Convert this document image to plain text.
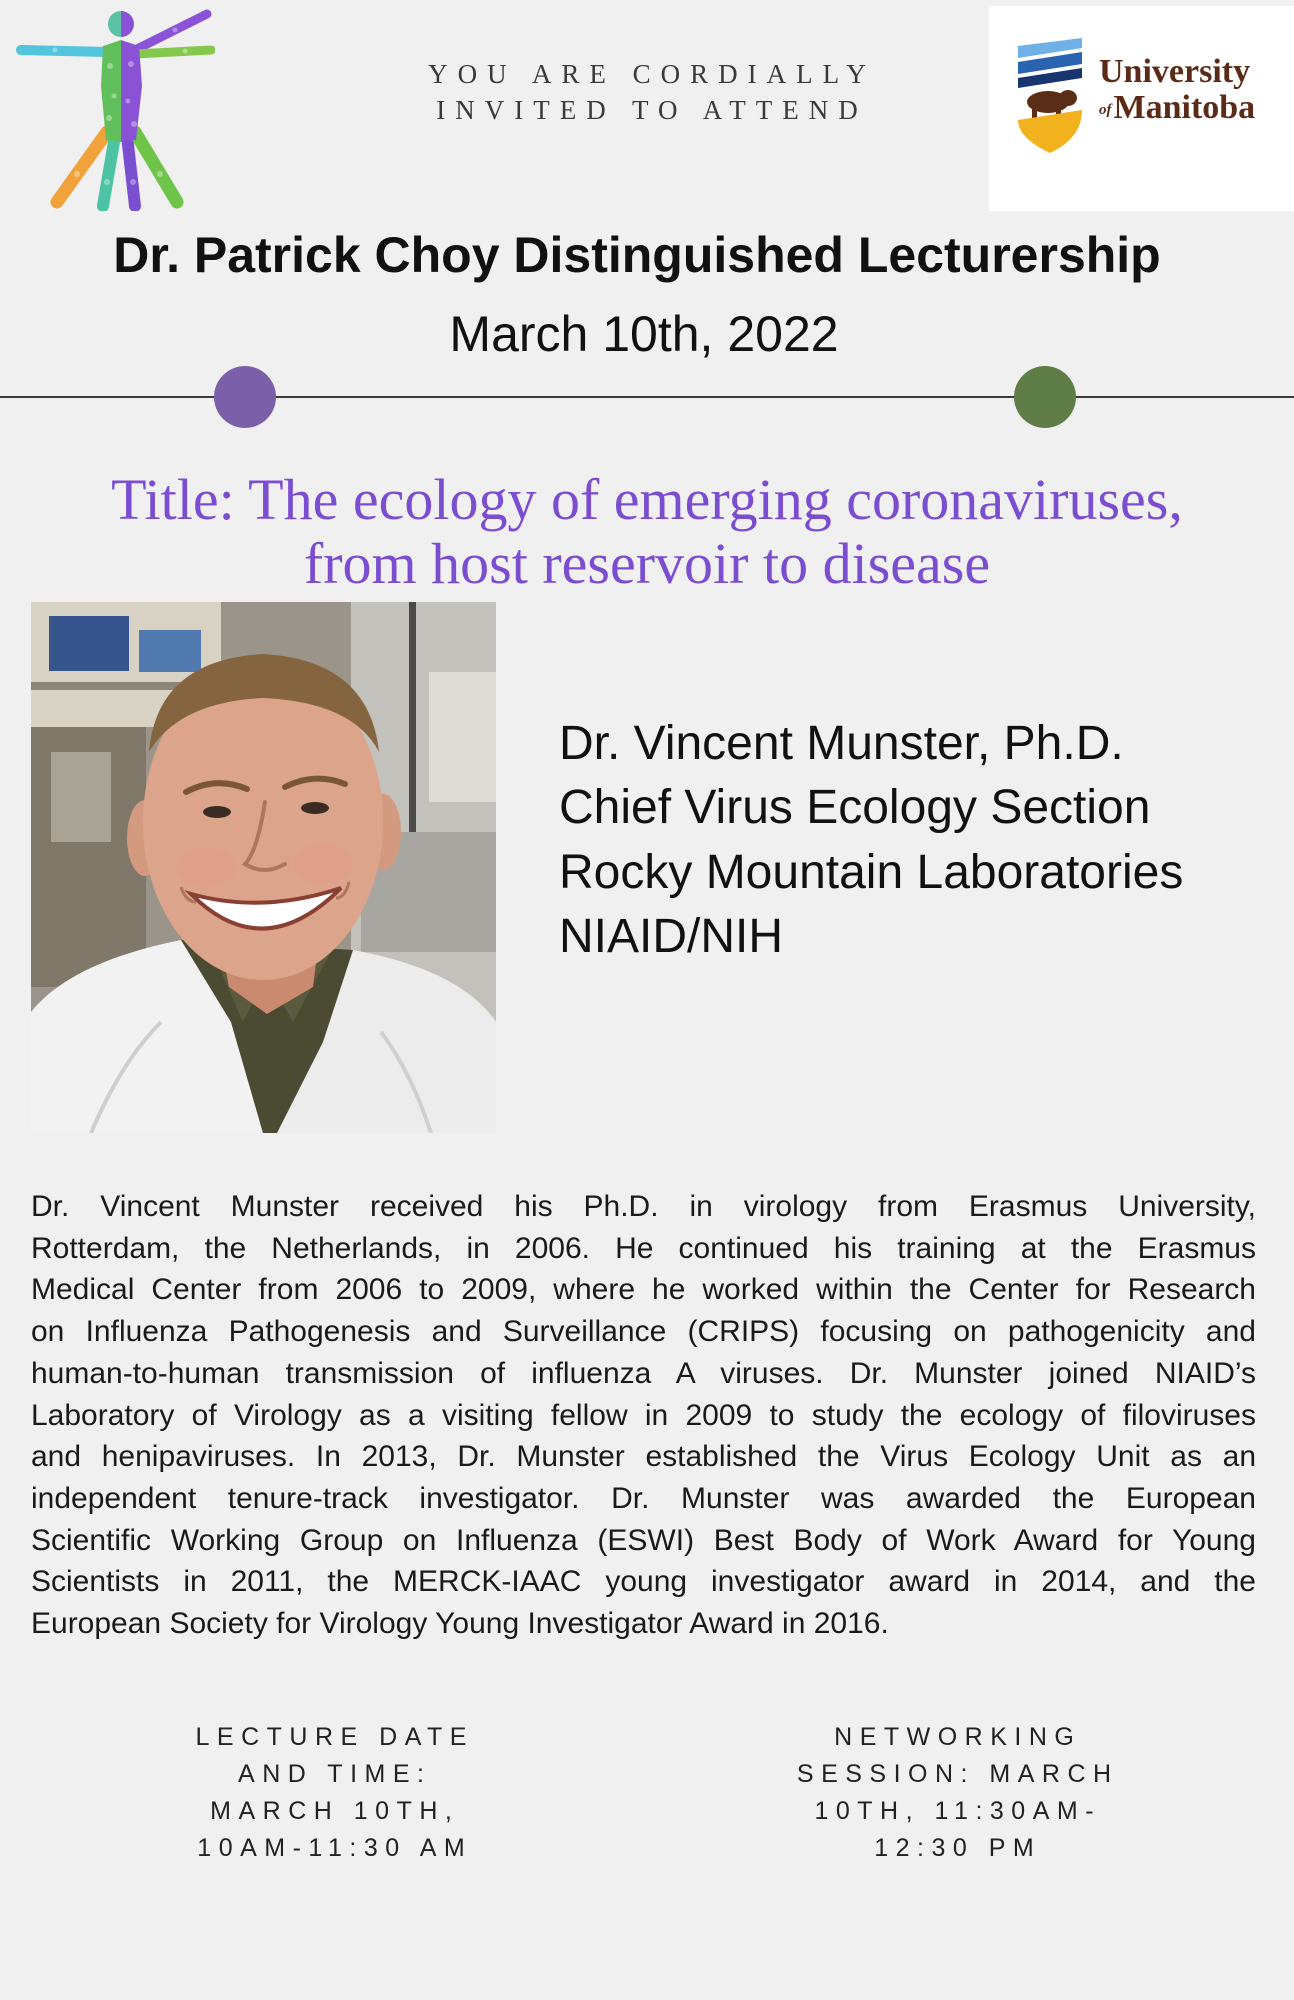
YOU ARE CORDIALLY
INVITED TO ATTEND
University
ofManitoba
Dr. Patrick Choy Distinguished Lecturership
March 10th, 2022
Title: The ecology of emerging coronaviruses,
from host reservoir to disease
Dr. Vincent Munster, Ph.D.
Chief Virus Ecology Section
Rocky Mountain Laboratories
NIAID/NIH
Dr. Vincent Munster received his Ph.D. in virology from Erasmus University,
Rotterdam, the Netherlands, in 2006. He continued his training at the Erasmus
Medical Center from 2006 to 2009, where he worked within the Center for Research
on Influenza Pathogenesis and Surveillance (CRIPS) focusing on pathogenicity and
human-to-human transmission of influenza A viruses. Dr. Munster joined NIAID’s
Laboratory of Virology as a visiting fellow in 2009 to study the ecology of filoviruses
and henipaviruses. In 2013, Dr. Munster established the Virus Ecology Unit as an
independent tenure-track investigator. Dr. Munster was awarded the European
Scientific Working Group on Influenza (ESWI) Best Body of Work Award for Young
Scientists in 2011, the MERCK-IAAC young investigator award in 2014, and the
European Society for Virology Young Investigator Award in 2016.
LECTURE DATE
AND TIME:
MARCH 10TH,
10AM-11:30 AM
NETWORKING
SESSION: MARCH
10TH, 11:30AM-
12:30 PM
